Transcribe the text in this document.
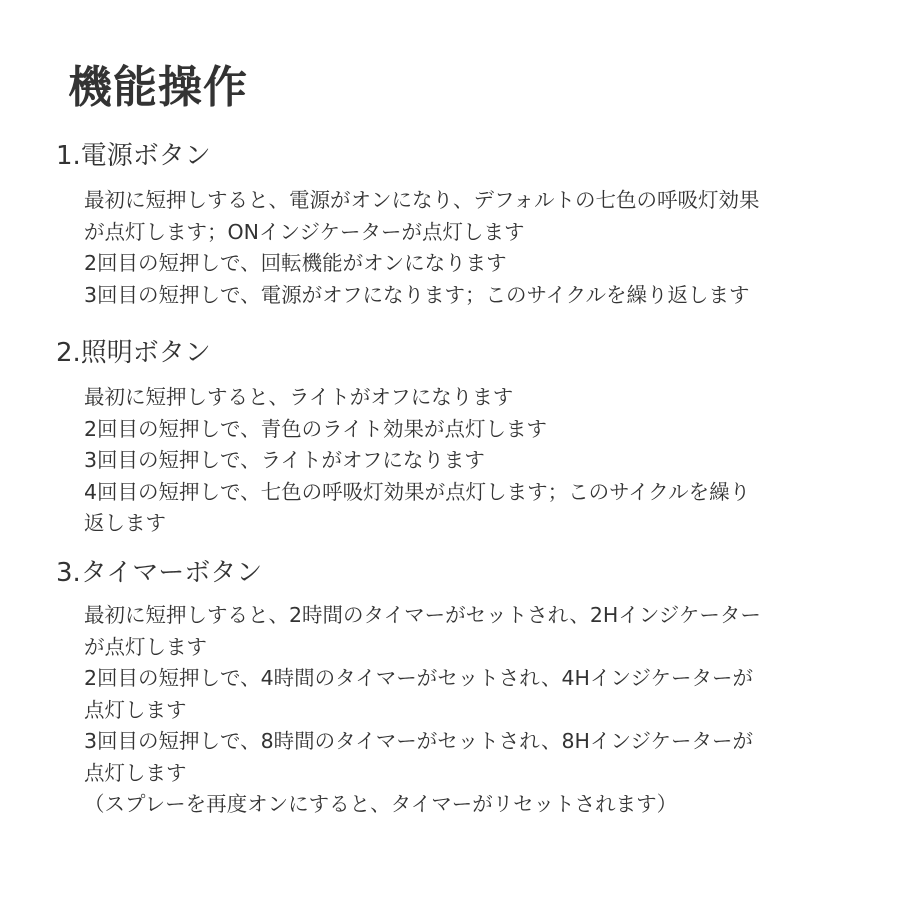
機能操作
1.電源ボタン
最初に短押しすると、電源がオンになり、デフォルトの七色の呼吸灯効果
が点灯します；ONインジケーターが点灯します
2回目の短押しで、回転機能がオンになります
3回目の短押しで、電源がオフになります；このサイクルを繰り返します
2.照明ボタン
最初に短押しすると、ライトがオフになります
2回目の短押しで、青色のライト効果が点灯します
3回目の短押しで、ライトがオフになります
4回目の短押しで、七色の呼吸灯効果が点灯します；このサイクルを繰り
返します
3.タイマーボタン
最初に短押しすると、2時間のタイマーがセットされ、2Hインジケーター
が点灯します
2回目の短押しで、4時間のタイマーがセットされ、4Hインジケーターが
点灯します
3回目の短押しで、8時間のタイマーがセットされ、8Hインジケーターが
点灯します
（スプレーを再度オンにすると、タイマーがリセットされます）
